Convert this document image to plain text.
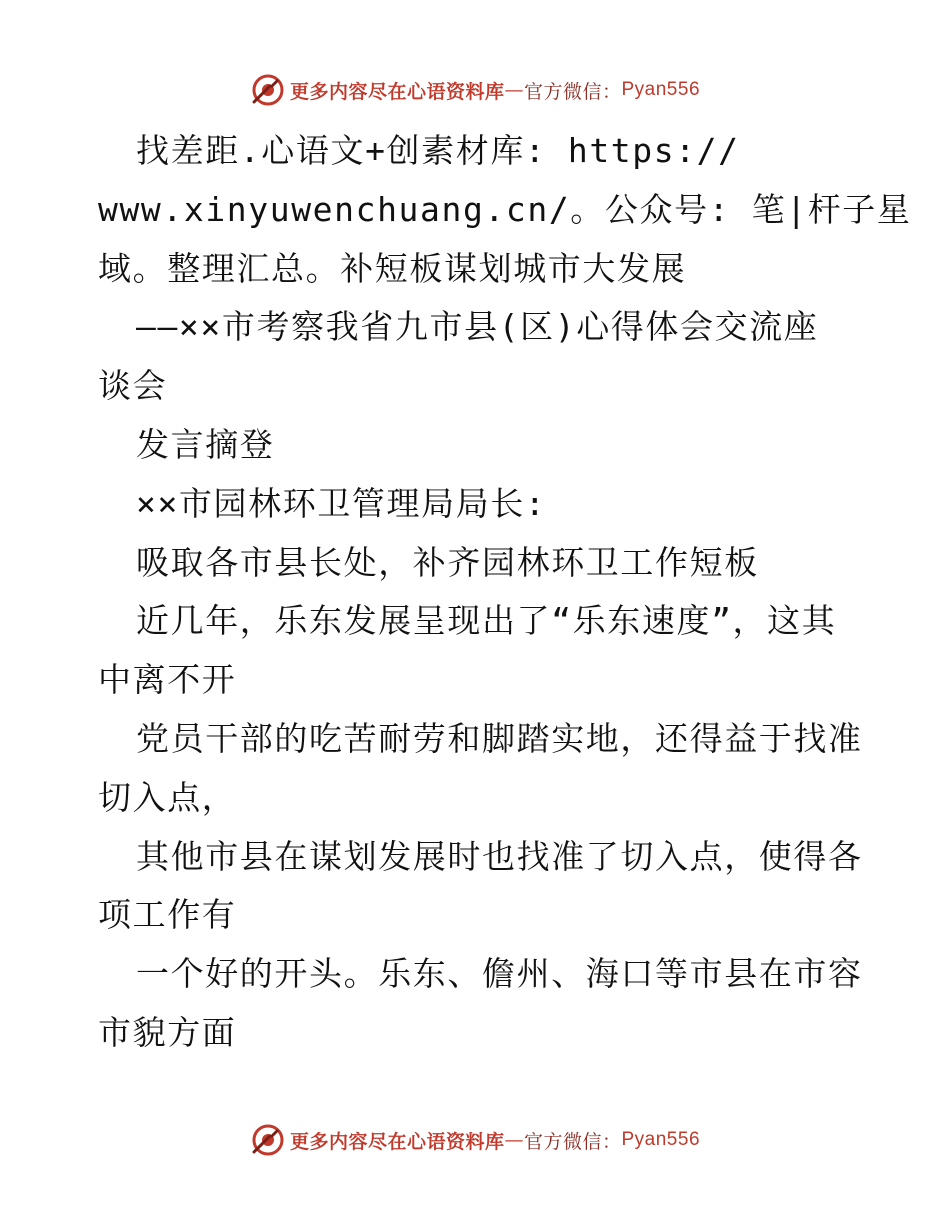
更多内容尽在心语资料库 — 官方微信： Pyan556
找差距.心语文+创素材库: https://
www.xinyuwenchuang.cn/。公众号: 笔|杆子星
域。整理汇总。补短板谋划城市大发展
——××市考察我省九市县(区)心得体会交流座
谈会
发言摘登
××市园林环卫管理局局长:
吸取各市县长处，补齐园林环卫工作短板
近几年，乐东发展呈现出了“乐东速度”，这其
中离不开
党员干部的吃苦耐劳和脚踏实地，还得益于找准
切入点，
其他市县在谋划发展时也找准了切入点，使得各
项工作有
一个好的开头。乐东、儋州、海口等市县在市容
市貌方面
更多内容尽在心语资料库 — 官方微信： Pyan556
